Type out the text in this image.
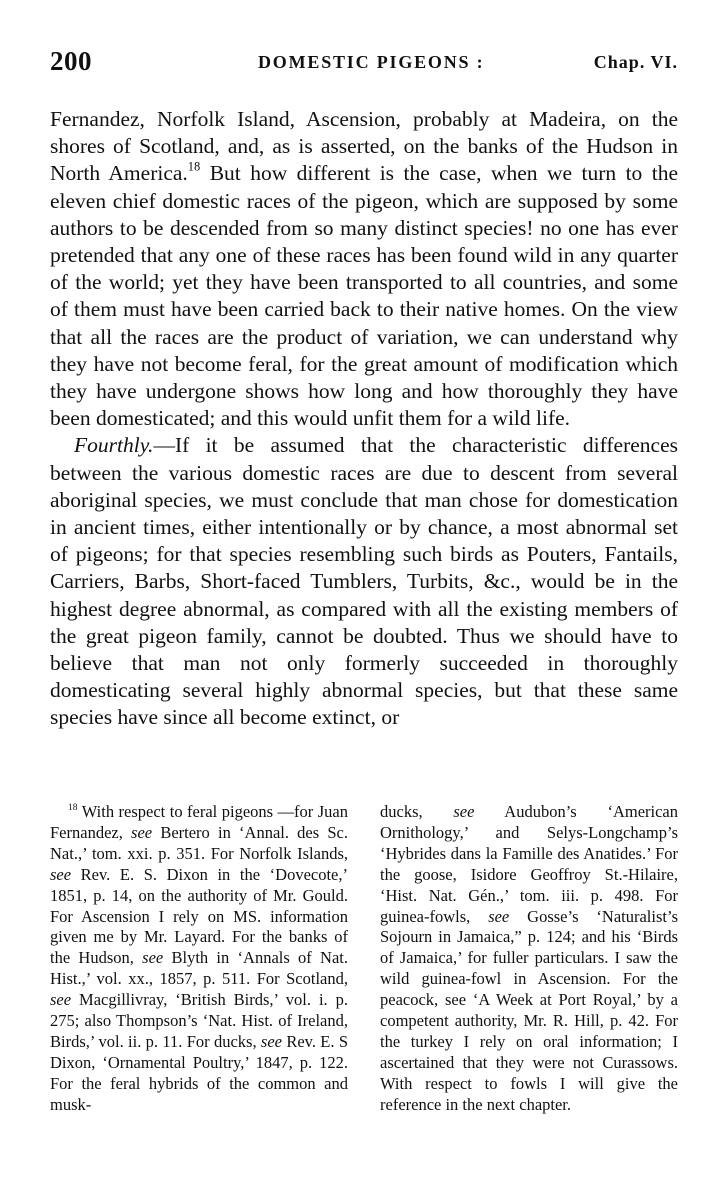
200	DOMESTIC PIGEONS :	Chap. VI.

Fernandez, Norfolk Island, Ascension, probably at Madeira, on the shores of Scotland, and, as is asserted, on the banks of the Hudson in North America.$^{18}$ But how different is the case, when we turn to the eleven chief domestic races of the pigeon, which are supposed by some authors to be descended from so many distinct species! no one has ever pretended that any one of these races has been found wild in any quarter of the world; yet they have been transported to all countries, and some of them must have been carried back to their native homes. On the view that all the races are the product of variation, we can understand why they have not become feral, for the great amount of modification which they have undergone shows how long and how thoroughly they have been domesticated; and this would unfit them for a wild life.

Fourthly.—If it be assumed that the characteristic differences between the various domestic races are due to descent from several aboriginal species, we must conclude that man chose for domestication in ancient times, either intentionally or by chance, a most abnormal set of pigeons; for that species resembling such birds as Pouters, Fantails, Carriers, Barbs, Short-faced Tumblers, Turbits, &c., would be in the highest degree abnormal, as compared with all the existing members of the great pigeon family, cannot be doubted. Thus we should have to believe that man not only formerly succeeded in thoroughly domesticating several highly abnormal species, but that these same species have since all become extinct, or

$^{18}$ With respect to feral pigeons —for Juan Fernandez, see Bertero in ‘Annal. des Sc. Nat.,’ tom. xxi. p. 351. For Norfolk Islands, see Rev. E. S. Dixon in the ‘Dovecote,’ 1851, p. 14, on the authority of Mr. Gould. For Ascension I rely on MS. information given me by Mr. Layard. For the banks of the Hudson, see Blyth in ‘Annals of Nat. Hist.,’ vol. xx., 1857, p. 511. For Scotland, see Macgillivray, ‘British Birds,’ vol. i. p. 275; also Thompson’s ‘Nat. Hist. of Ireland, Birds,’ vol. ii. p. 11. For ducks, see Rev. E. S Dixon, ‘Ornamental Poultry,’ 1847, p. 122. For the feral hybrids of the common and musk-

ducks, see Audubon’s ‘American Ornithology,’ and Selys-Longchamp’s ‘Hybrides dans la Famille des Anatides.’ For the goose, Isidore Geoffroy St.-Hilaire, ‘Hist. Nat. Gén.,’ tom. iii. p. 498. For guinea-fowls, see Gosse’s ‘Naturalist’s Sojourn in Jamaica,” p. 124; and his ‘Birds of Jamaica,’ for fuller particulars. I saw the wild guinea-fowl in Ascension. For the peacock, see ‘A Week at Port Royal,’ by a competent authority, Mr. R. Hill, p. 42. For the turkey I rely on oral information; I ascertained that they were not Curassows. With respect to fowls I will give the reference in the next chapter.
